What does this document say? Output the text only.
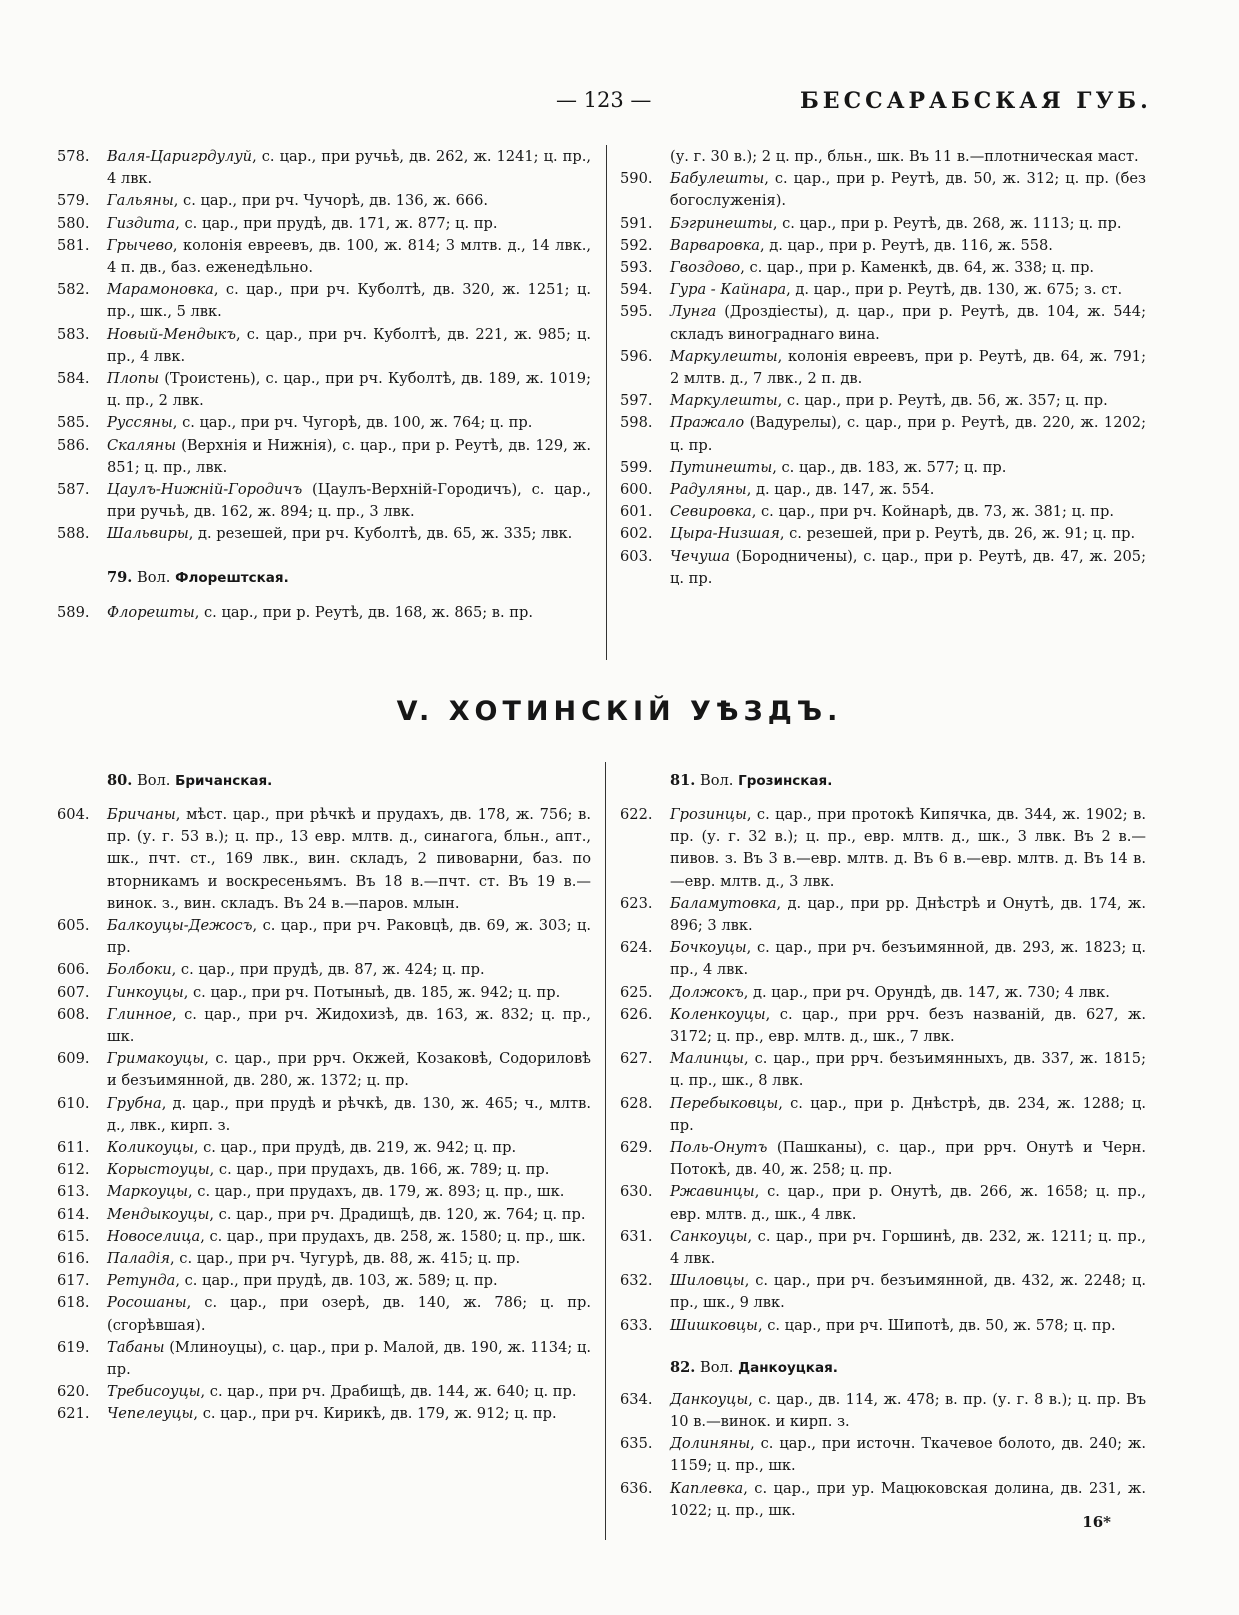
— 123 —	БЕССАРАБСКАЯ ГУБ.
578. Валя-Царигрдулуй, с. цар., при ручьѣ, дв. 262, ж. 1241; ц. пр., 4 лвк.
579. Гальяны, с. цар., при рч. Чучорѣ, дв. 136, ж. 666.
580. Гиздита, с. цар., при прудѣ, дв. 171, ж. 877; ц. пр.
581. Грычево, колонія евреевъ, дв. 100, ж. 814; 3 млтв. д., 14 лвк., 4 п. дв., баз. еженедѣльно.
582. Марамоновка, с. цар., при рч. Куболтѣ, дв. 320, ж. 1251; ц. пр., шк., 5 лвк.
583. Новый-Мендыкъ, с. цар., при рч. Куболтѣ, дв. 221, ж. 985; ц. пр., 4 лвк.
584. Плопы (Троистень), с. цар., при рч. Куболтѣ, дв. 189, ж. 1019; ц. пр., 2 лвк.
585. Руссяны, с. цар., при рч. Чугорѣ, дв. 100, ж. 764; ц. пр.
586. Скаляны (Верхнія и Нижнія), с. цар., при р. Реутѣ, дв. 129, ж. 851; ц. пр., лвк.
587. Цаулъ-Нижній-Городичъ (Цаулъ-Верхній-Городичъ), с. цар., при ручьѣ, дв. 162, ж. 894; ц. пр., 3 лвк.
588. Шальвиры, д. резешей, при рч. Куболтѣ, дв. 65, ж. 335; лвк.
79. Вол. Флорештская.
589. Флорешты, с. цар., при р. Реутѣ, дв. 168, ж. 865; в. пр.
(у. г. 30 в.); 2 ц. пр., бльн., шк. Въ 11 в.—плотническая маст.
590. Бабулешты, с. цар., при р. Реутѣ, дв. 50, ж. 312; ц. пр. (без богослуженія).
591. Бэгринешты, с. цар., при р. Реутѣ, дв. 268, ж. 1113; ц. пр.
592. Варваровка, д. цар., при р. Реутѣ, дв. 116, ж. 558.
593. Гвоздово, с. цар., при р. Каменкѣ, дв. 64, ж. 338; ц. пр.
594. Гура - Кайнара, д. цар., при р. Реутѣ, дв. 130, ж. 675; з. ст.
595. Лунга (Дроздіесты), д. цар., при р. Реутѣ, дв. 104, ж. 544; складъ винограднаго вина.
596. Маркулешты, колонія евреевъ, при р. Реутѣ, дв. 64, ж. 791; 2 млтв. д., 7 лвк., 2 п. дв.
597. Маркулешты, с. цар., при р. Реутѣ, дв. 56, ж. 357; ц. пр.
598. Пражало (Вадурелы), с. цар., при р. Реутѣ, дв. 220, ж. 1202; ц. пр.
599. Путинешты, с. цар., дв. 183, ж. 577; ц. пр.
600. Радуляны, д. цар., дв. 147, ж. 554.
601. Севировка, с. цар., при рч. Койнарѣ, дв. 73, ж. 381; ц. пр.
602. Цыра-Низшая, с. резешей, при р. Реутѣ, дв. 26, ж. 91; ц. пр.
603. Чечуша (Бородничены), с. цар., при р. Реутѣ, дв. 47, ж. 205; ц. пр.
V. ХОТИНСКІЙ УѢЗДЪ.
80. Вол. Бричанская.
604. Бричаны, мѣст. цар., при рѣчкѣ и прудахъ, дв. 178, ж. 756; в. пр. (у. г. 53 в.); ц. пр., 13 евр. млтв. д., синагога, бльн., апт., шк., пчт. ст., 169 лвк., вин. складъ, 2 пивоварни, баз. по вторникамъ и воскресеньямъ. Въ 18 в.—пчт. ст. Въ 19 в.—винок. з., вин. складъ. Въ 24 в.—паров. млын.
605. Балкоуцы-Дежосъ, с. цар., при рч. Раковцѣ, дв. 69, ж. 303; ц. пр.
606. Болбоки, с. цар., при прудѣ, дв. 87, ж. 424; ц. пр.
607. Гинкоуцы, с. цар., при рч. Потыныѣ, дв. 185, ж. 942; ц. пр.
608. Глинное, с. цар., при рч. Жидохизѣ, дв. 163, ж. 832; ц. пр., шк.
609. Гримакоуцы, с. цар., при ррч. Окжей, Козаковѣ, Содориловѣ и безъимянной, дв. 280, ж. 1372; ц. пр.
610. Грубна, д. цар., при прудѣ и рѣчкѣ, дв. 130, ж. 465; ч., млтв. д., лвк., кирп. з.
611. Коликоуцы, с. цар., при прудѣ, дв. 219, ж. 942; ц. пр.
612. Корыстоуцы, с. цар., при прудахъ, дв. 166, ж. 789; ц. пр.
613. Маркоуцы, с. цар., при прудахъ, дв. 179, ж. 893; ц. пр., шк.
614. Мендыкоуцы, с. цар., при рч. Драдищѣ, дв. 120, ж. 764; ц. пр.
615. Новоселица, с. цар., при прудахъ, дв. 258, ж. 1580; ц. пр., шк.
616. Паладія, с. цар., при рч. Чугурѣ, дв. 88, ж. 415; ц. пр.
617. Ретунда, с. цар., при прудѣ, дв. 103, ж. 589; ц. пр.
618. Росошаны, с. цар., при озерѣ, дв. 140, ж. 786; ц. пр. (сгорѣвшая).
619. Табаны (Млиноуцы), с. цар., при р. Малой, дв. 190, ж. 1134; ц. пр.
620. Требисоуцы, с. цар., при рч. Драбищѣ, дв. 144, ж. 640; ц. пр.
621. Чепелеуцы, с. цар., при рч. Кирикѣ, дв. 179, ж. 912; ц. пр.
81. Вол. Грозинская.
622. Грозинцы, с. цар., при протокѣ Кипячка, дв. 344, ж. 1902; в. пр. (у. г. 32 в.); ц. пр., евр. млтв. д., шк., 3 лвк. Въ 2 в.—пивов. з. Въ 3 в.—евр. млтв. д. Въ 6 в.—евр. млтв. д. Въ 14 в.—евр. млтв. д., 3 лвк.
623. Баламутовка, д. цар., при рр. Днѣстрѣ и Онутѣ, дв. 174, ж. 896; 3 лвк.
624. Бочкоуцы, с. цар., при рч. безъимянной, дв. 293, ж. 1823; ц. пр., 4 лвк.
625. Должокъ, д. цар., при рч. Орундѣ, дв. 147, ж. 730; 4 лвк.
626. Коленкоуцы, с. цар., при ррч. безъ названій, дв. 627, ж. 3172; ц. пр., евр. млтв. д., шк., 7 лвк.
627. Малинцы, с. цар., при ррч. безъимянныхъ, дв. 337, ж. 1815; ц. пр., шк., 8 лвк.
628. Перебыковцы, с. цар., при р. Днѣстрѣ, дв. 234, ж. 1288; ц. пр.
629. Поль-Онутъ (Пашканы), с. цар., при ррч. Онутѣ и Черн. Потокѣ, дв. 40, ж. 258; ц. пр.
630. Ржавинцы, с. цар., при р. Онутѣ, дв. 266, ж. 1658; ц. пр., евр. млтв. д., шк., 4 лвк.
631. Санкоуцы, с. цар., при рч. Горшинѣ, дв. 232, ж. 1211; ц. пр., 4 лвк.
632. Шиловцы, с. цар., при рч. безъимянной, дв. 432, ж. 2248; ц. пр., шк., 9 лвк.
633. Шишковцы, с. цар., при рч. Шипотѣ, дв. 50, ж. 578; ц. пр.
82. Вол. Данкоуцкая.
634. Данкоуцы, с. цар., дв. 114, ж. 478; в. пр. (у. г. 8 в.); ц. пр. Въ 10 в.—винок. и кирп. з.
635. Долиняны, с. цар., при источн. Ткачевое болото, дв. 240; ж. 1159; ц. пр., шк.
636. Каплевка, с. цар., при ур. Мацюковская долина, дв. 231, ж. 1022; ц. пр., шк.
16*
